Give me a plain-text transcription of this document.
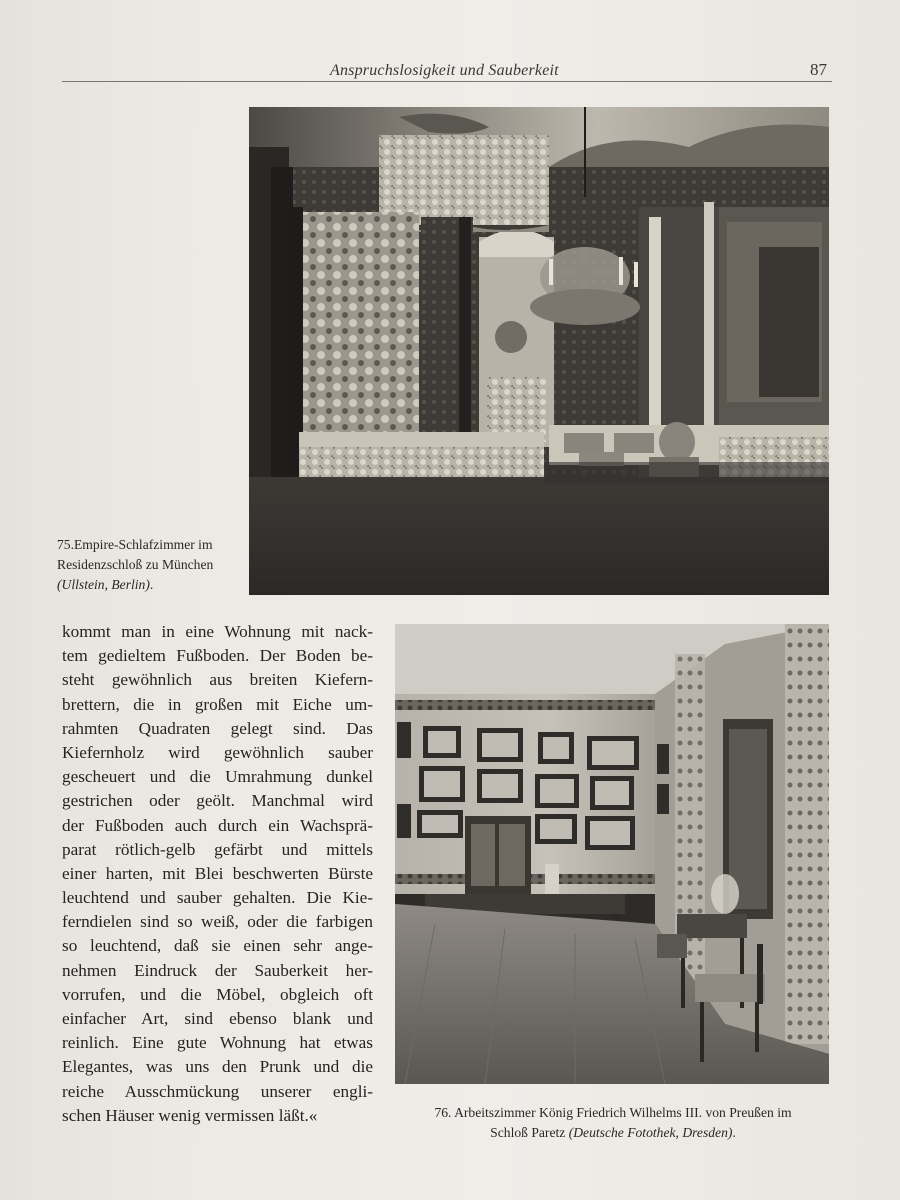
Anspruchslosigkeit und Sauberkeit	87
75.Empire-Schlafzimmer im
Residenzschloß zu München
(Ullstein, Berlin).
kommt man in eine Wohnung mit nack-
tem gedieltem Fußboden. Der Boden be-
steht gewöhnlich aus breiten Kiefern-
brettern, die in großen mit Eiche um-
rahmten Quadraten gelegt sind. Das
Kiefernholz wird gewöhnlich sauber
gescheuert und die Umrahmung dunkel
gestrichen oder geölt. Manchmal wird
der Fußboden auch durch ein Wachsprä-
parat rötlich-gelb gefärbt und mittels
einer harten, mit Blei beschwerten Bürste
leuchtend und sauber gehalten. Die Kie-
ferndielen sind so weiß, oder die farbigen
so leuchtend, daß sie einen sehr ange-
nehmen Eindruck der Sauberkeit her-
vorrufen, und die Möbel, obgleich oft
einfacher Art, sind ebenso blank und
reinlich. Eine gute Wohnung hat etwas
Elegantes, was uns den Prunk und die
reiche Ausschmückung unserer engli-
schen Häuser wenig vermissen läßt.«	76. Arbeitszimmer König Friedrich Wilhelms III. von Preußen im
Schloß Paretz (Deutsche Fotothek, Dresden).
